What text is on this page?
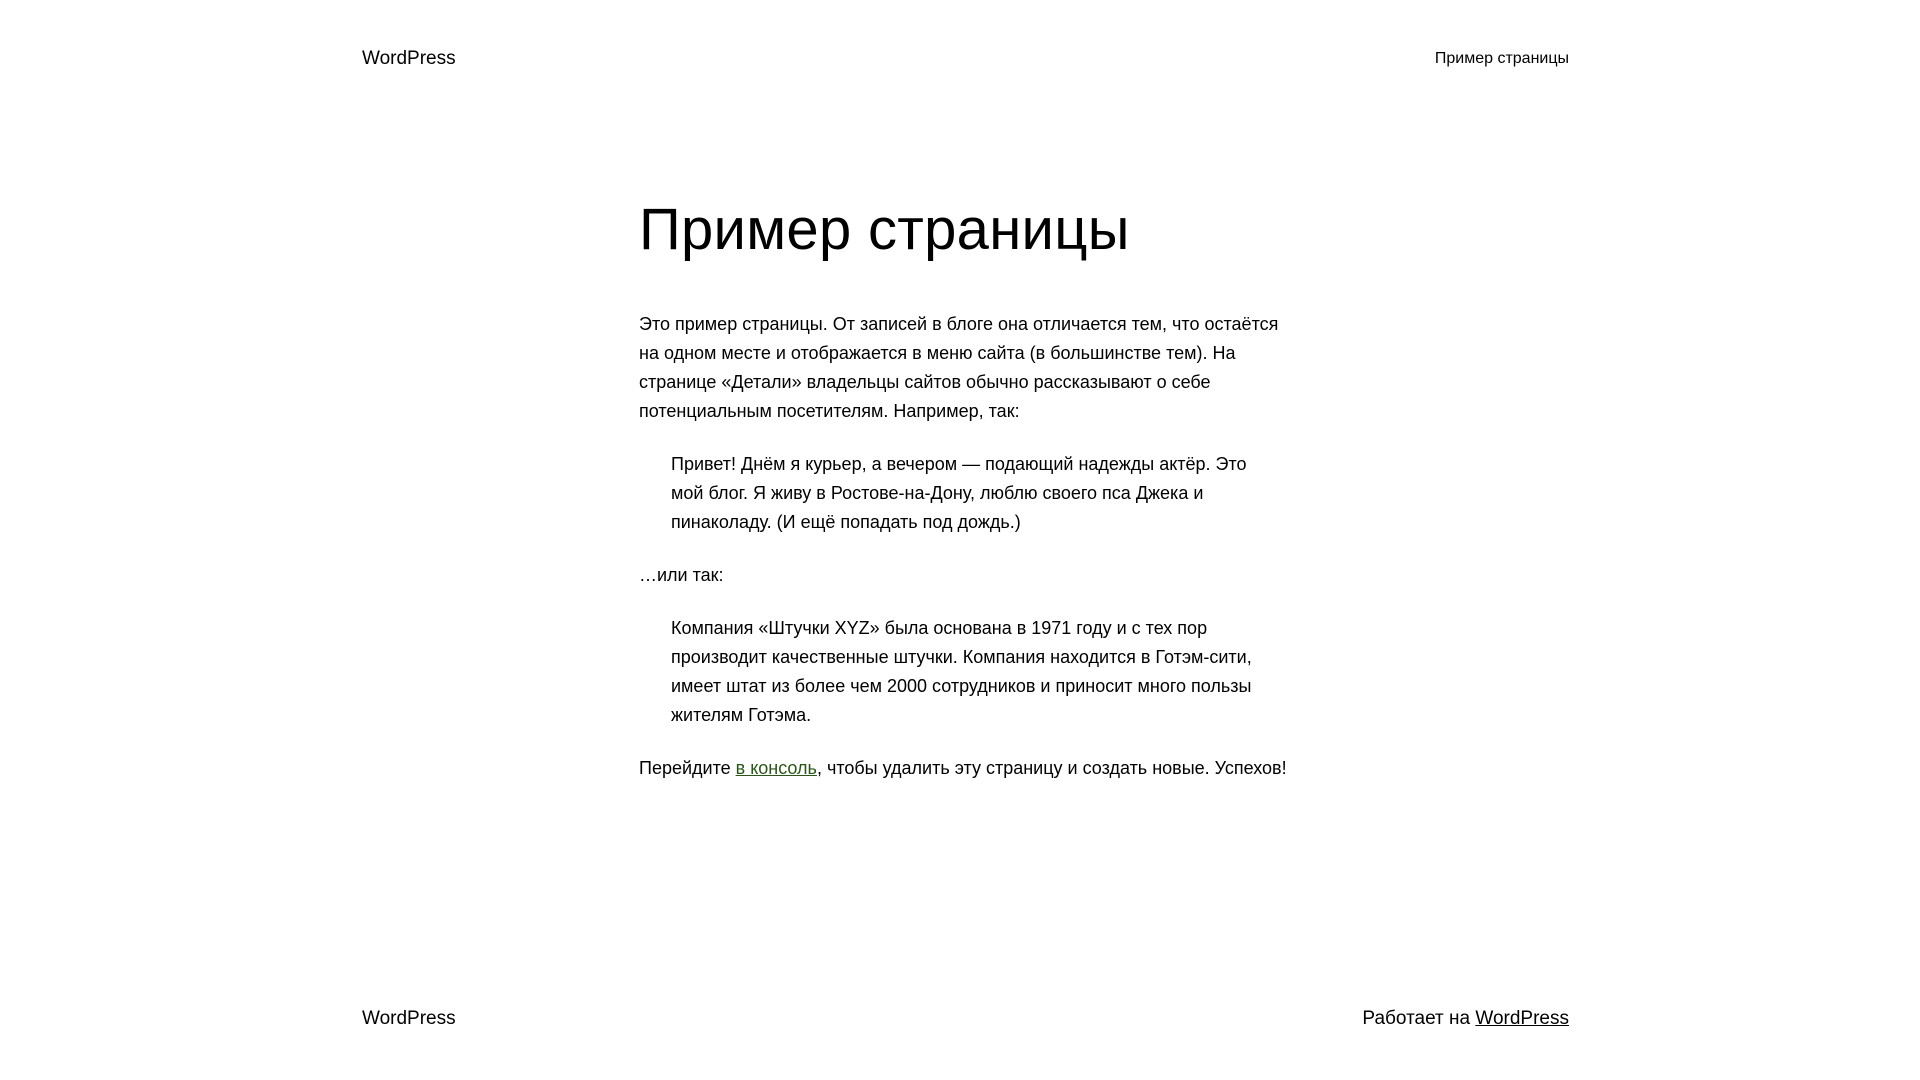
WordPress	Пример страницы
Пример страницы

Это пример страницы. От записей в блоге она отличается тем, что остаётся на одном месте и отображается в меню сайта (в большинстве тем). На странице «Детали» владельцы сайтов обычно рассказывают о себе потенциальным посетителям. Например, так:

Привет! Днём я курьер, а вечером — подающий надежды актёр. Это мой блог. Я живу в Ростове-на-Дону, люблю своего пса Джека и пинаколаду. (И ещё попадать под дождь.)

…или так:

Компания «Штучки XYZ» была основана в 1971 году и с тех пор производит качественные штучки. Компания находится в Готэм-сити, имеет штат из более чем 2000 сотрудников и приносит много пользы жителям Готэма.

Перейдите в консоль, чтобы удалить эту страницу и создать новые. Успехов!

WordPress	Работает на WordPress
